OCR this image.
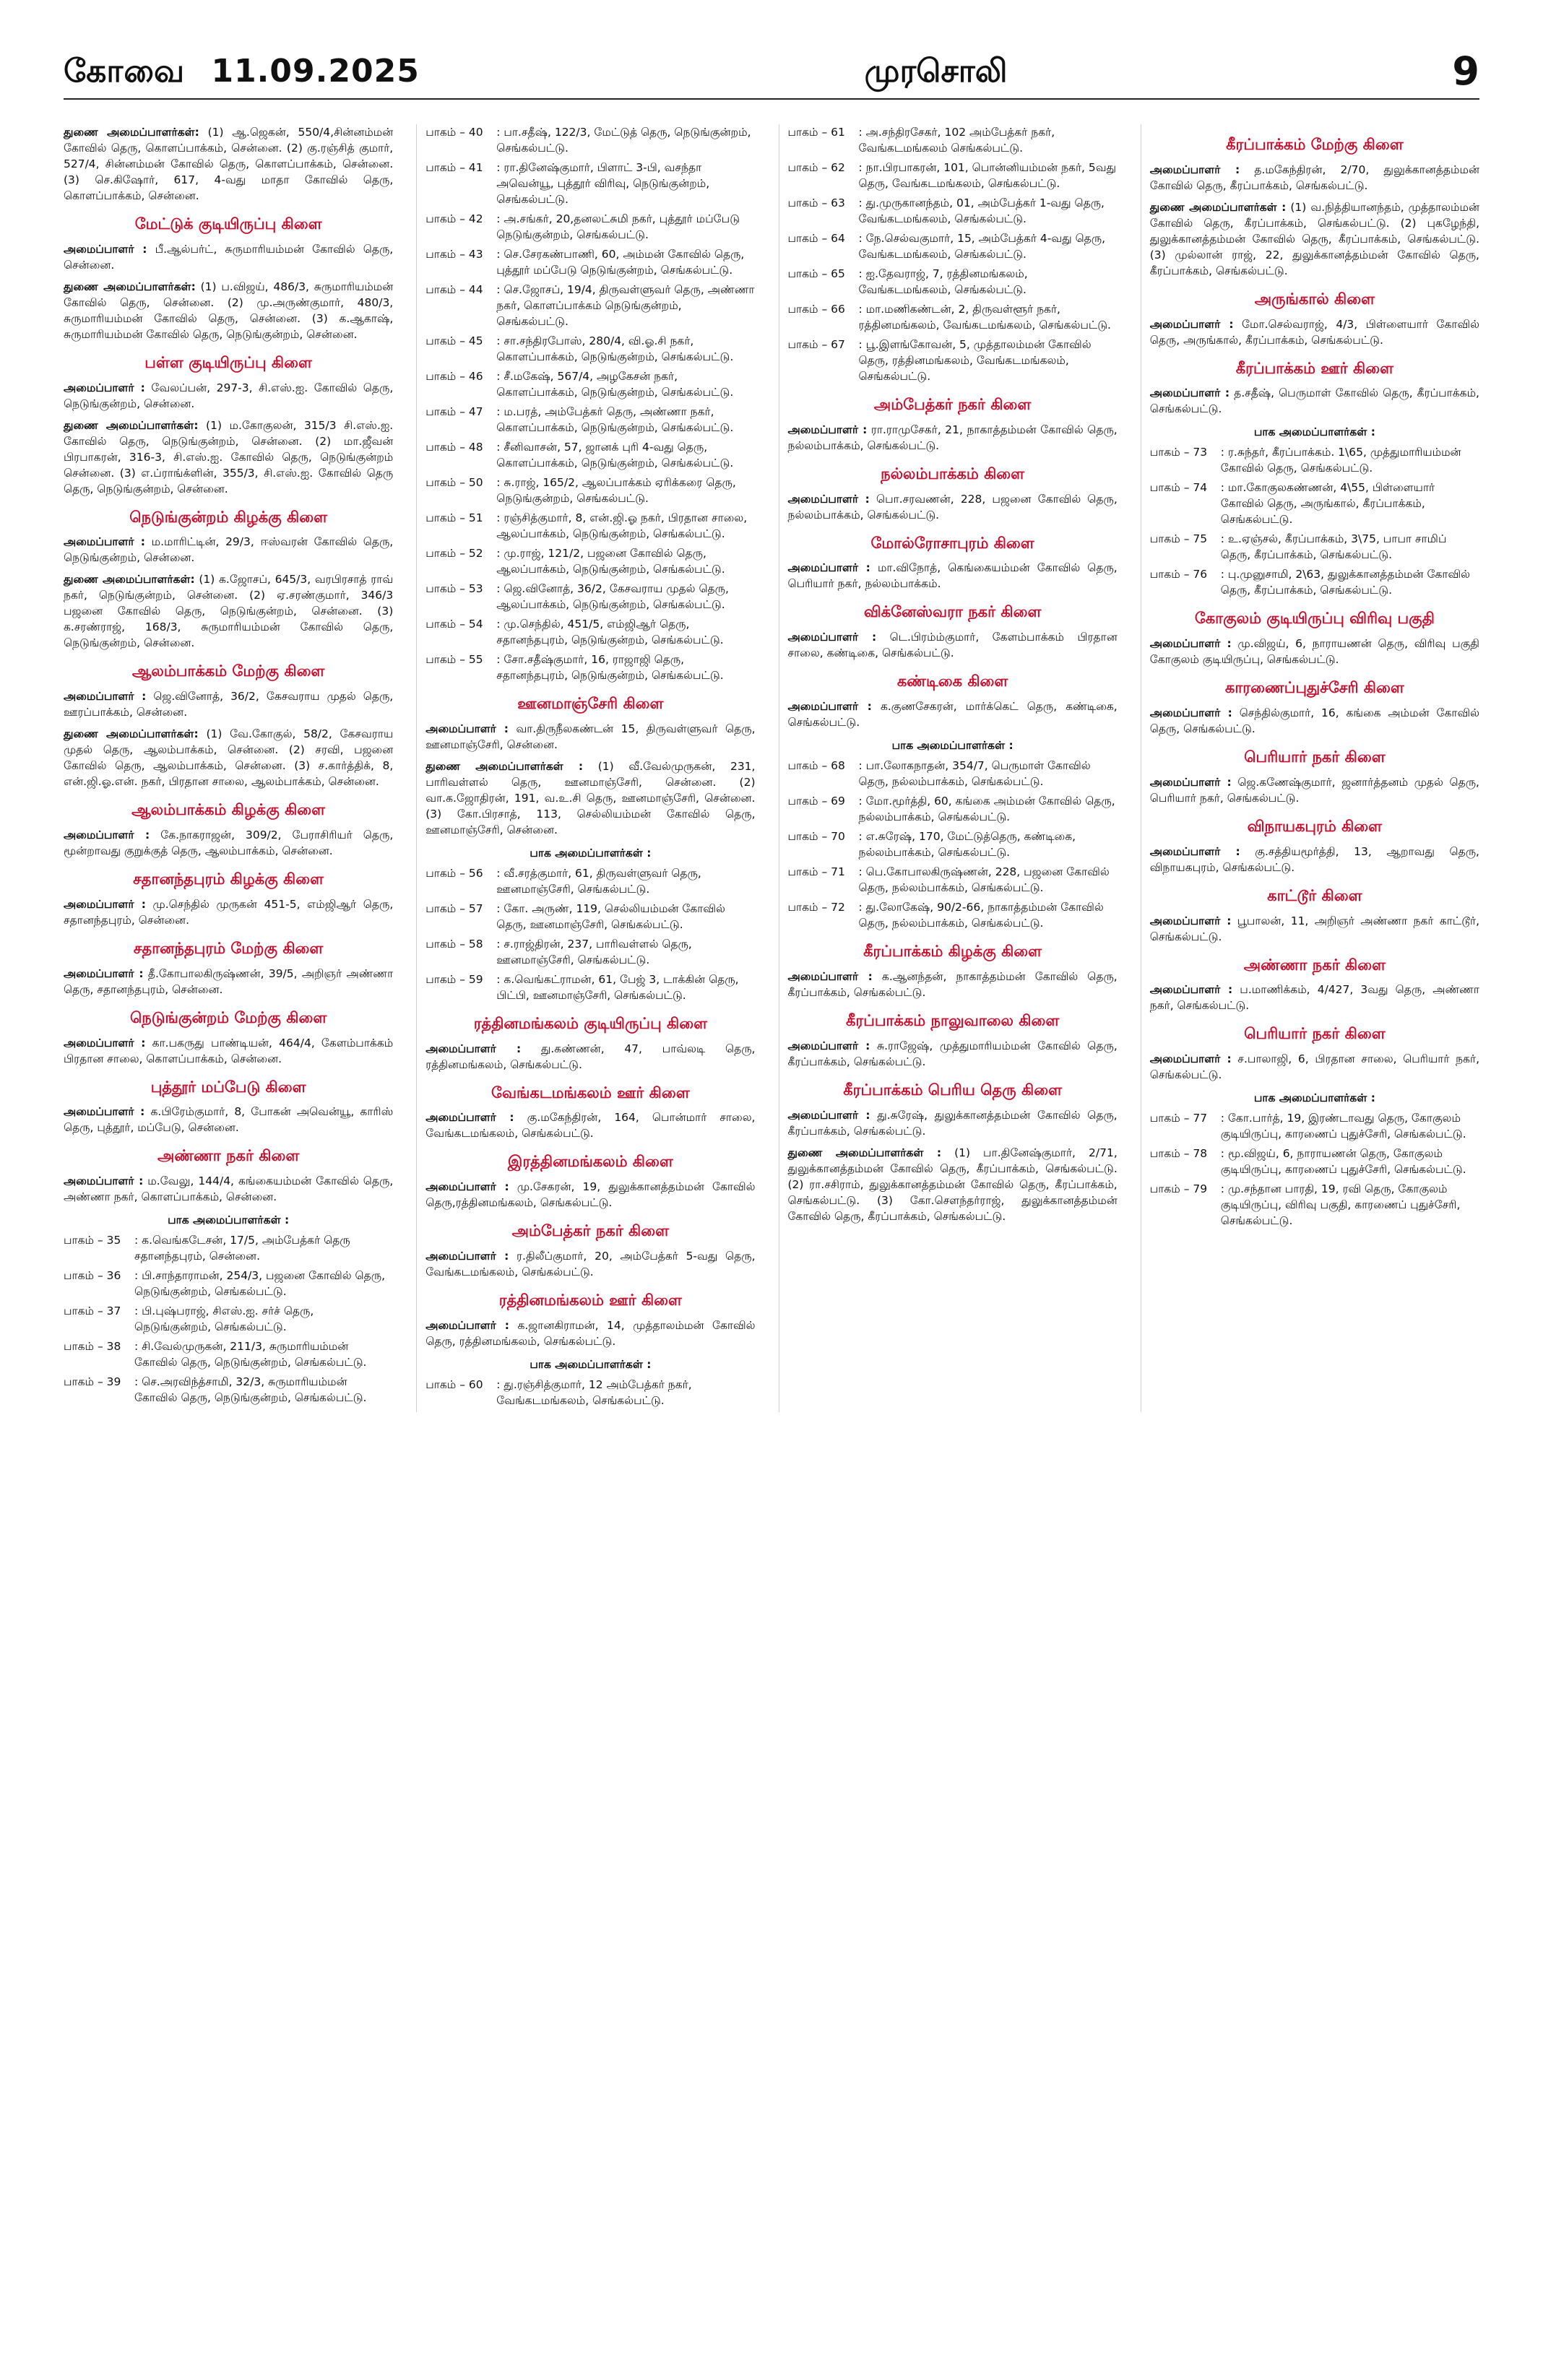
கோவை 11.09.2025	முரசொலி	9

துணை அமைப்பாளர்கள்: (1) ஆ.ஜெகன், 550/4,சின்னம்மன் கோவில் தெரு, கொளப்பாக்கம், சென்னை. (2) கு.ரஞ்சித் குமார், 527/4, சின்னம்மன் கோவில் தெரு, கொளப்பாக்கம், சென்னை. (3) செ.கிஷோர், 617, 4-வது மாதா கோவில் தெரு, கொளப்பாக்கம், சென்னை.

மேட்டுக் குடியிருப்பு கிளை

அமைப்பாளர் : பீ.ஆல்பர்ட், சுருமாரியம்மன் கோவில் தெரு, சென்னை.

துணை அமைப்பாளர்கள்: (1) ப.விஜய், 486/3, சுருமாரியம்மன் கோவில் தெரு, சென்னை. (2) மு.அருண்குமார், 480/3, சுருமாரியம்மன் கோவில் தெரு, சென்னை. (3) க.ஆகாஷ், சுருமாரியம்மன் கோவில் தெரு, நெடுங்குன்றம், சென்னை.

பள்ள குடியிருப்பு கிளை

அமைப்பாளர் : வேலப்பன், 297-3, சி.எஸ்.ஐ. கோவில் தெரு, நெடுங்குன்றம், சென்னை.

துணை அமைப்பாளர்கள்: (1) ம.கோகுலன், 315/3 சி.எஸ்.ஐ. கோவில் தெரு, நெடுங்குன்றம், சென்னை. (2) மா.ஜீவன் பிரபாகரன், 316-3, சி.எஸ்.ஐ. கோவில் தெரு, நெடுங்குன்றம் சென்னை. (3) எ.ப்ராங்க்ளின், 355/3, சி.எஸ்.ஐ. கோவில் தெரு தெரு, நெடுங்குன்றம், சென்னை.

நெடுங்குன்றம் கிழக்கு கிளை

அமைப்பாளர் : ம.மாரிட்டின், 29/3, ஈஸ்வரன் கோவில் தெரு, நெடுங்குன்றம், சென்னை.

துணை அமைப்பாளர்கள்: (1) க.ஜோசப், 645/3, வரபிரசாத் ராவ் நகர், நெடுங்குன்றம், சென்னை. (2) ஏ.சரண்குமார், 346/3 பஜனை கோவில் தெரு, நெடுங்குன்றம், சென்னை. (3) க.சரண்ராஜ், 168/3, சுருமாரியம்மன் கோவில் தெரு, நெடுங்குன்றம், சென்னை.

ஆலம்பாக்கம் மேற்கு கிளை

அமைப்பாளர் : ஜெ.வினோத், 36/2, கேசவராய முதல் தெரு, ஊரப்பாக்கம், சென்னை.

துணை அமைப்பாளர்கள்: (1) வே.கோகுல், 58/2, கேசவராய முதல் தெரு, ஆலம்பாக்கம், சென்னை. (2) சரவி, பஜனை கோவில் தெரு, ஆலம்பாக்கம், சென்னை. (3) ச.கார்த்திக், 8, என்.ஜி.ஓ.என். நகர், பிரதான சாலை, ஆலம்பாக்கம், சென்னை.

ஆலம்பாக்கம் கிழக்கு கிளை

அமைப்பாளர் : கே.நாகராஜன், 309/2, பேராசிரியர் தெரு, மூன்றாவது குறுக்குத் தெரு, ஆலம்பாக்கம், சென்னை.

சதானந்தபுரம் கிழக்கு கிளை

அமைப்பாளர் : மு.செந்தில் முருகன் 451-5, எம்ஜிஆர் தெரு, சதானந்தபுரம், சென்னை.

சதானந்தபுரம் மேற்கு கிளை

அமைப்பாளர் : தீ.கோபாலகிருஷ்ணன், 39/5, அறிஞர் அண்ணா தெரு, சதானந்தபுரம், சென்னை.

நெடுங்குன்றம் மேற்கு கிளை

அமைப்பாளர் : கா.பகருது பாண்டியன், 464/4, கேளம்பாக்கம் பிரதான சாலை, கொளப்பாக்கம், சென்னை.

புத்தூர் மப்பேடு கிளை

அமைப்பாளர் : க.பிரேம்குமார், 8, போகன் அவென்யூ, காரிஸ் தெரு, புத்தூர், மப்பேடு, சென்னை.

அண்ணா நகர் கிளை

அமைப்பாளர் : ம.வேலு, 144/4, கங்கையம்மன் கோவில் தெரு, அண்ணா நகர், கொளப்பாக்கம், சென்னை.

பாக அமைப்பாளர்கள் :
பாகம் – 35	: க.வெங்கடேசன், 17/5, அம்பேத்கர் தெரு சதானந்தபுரம், சென்னை.
பாகம் – 36	: பி.சாந்தாராமன், 254/3, பஜனை கோவில் தெரு, நெடுங்குன்றம், செங்கல்பட்டு.
பாகம் – 37	: பி.புஷ்பராஜ், சிஎஸ்.ஐ. சர்ச் தெரு, நெடுங்குன்றம், செங்கல்பட்டு.
பாகம் – 38	: சி.வேல்முருகன், 211/3, சுருமாரியம்மன் கோவில் தெரு, நெடுங்குன்றம், செங்கல்பட்டு.
பாகம் – 39	: செ.அரவிந்த்சாமி, 32/3, சுருமாரியம்மன் கோவில் தெரு, நெடுங்குன்றம், செங்கல்பட்டு.
பாகம் – 40	: பா.சதீஷ், 122/3, மேட்டுத் தெரு, நெடுங்குன்றம், செங்கல்பட்டு.
பாகம் – 41	: ரா.தினேஷ்குமார், பிளாட் 3-பி, வசந்தா அவென்யூ, புத்தூர் விரிவு, நெடுங்குன்றம், செங்கல்பட்டு.
பாகம் – 42	: அ.சங்கர், 20,தனலட்சுமி நகர், புத்தூர் மப்பேடு நெடுங்குன்றம், செங்கல்பட்டு.
பாகம் – 43	: செ.சேரகண்பாணி, 60, அம்மன் கோவில் தெரு, புத்தூர் மப்பேடு நெடுங்குன்றம், செங்கல்பட்டு.
பாகம் – 44	: செ.ஜோசப், 19/4, திருவள்ளுவர் தெரு, அண்ணா நகர், கொளப்பாக்கம் நெடுங்குன்றம், செங்கல்பட்டு.
பாகம் – 45	: சா.சந்திரபோஸ், 280/4, வி.ஓ.சி நகர், கொளப்பாக்கம், நெடுங்குன்றம், செங்கல்பட்டு.
பாகம் – 46	: சீ.மகேஷ், 567/4, அழகேசன் நகர், கொளப்பாக்கம், நெடுங்குன்றம், செங்கல்பட்டு.
பாகம் – 47	: ம.பரத், அம்பேத்கர் தெரு, அண்ணா நகர், கொளப்பாக்கம், நெடுங்குன்றம், செங்கல்பட்டு.
பாகம் – 48	: சீனிவாசன், 57, ஜானக் புரி 4-வது தெரு, கொளப்பாக்கம், நெடுங்குன்றம், செங்கல்பட்டு.
பாகம் – 50	: சு.ராஜ், 165/2, ஆலப்பாக்கம் ஏரிக்கரை தெரு, நெடுங்குன்றம், செங்கல்பட்டு.
பாகம் – 51	: ரஞ்சித்குமார், 8, என்.ஜி.ஓ நகர், பிரதான சாலை, ஆலப்பாக்கம், நெடுங்குன்றம், செங்கல்பட்டு.
பாகம் – 52	: மு.ராஜ், 121/2, பஜனை கோவில் தெரு, ஆலப்பாக்கம், நெடுங்குன்றம், செங்கல்பட்டு.
பாகம் – 53	: ஜெ.வினோத், 36/2, கேசவராய முதல் தெரு, ஆலப்பாக்கம், நெடுங்குன்றம், செங்கல்பட்டு.
பாகம் – 54	: மு.செந்தில், 451/5, எம்ஜிஆர் தெரு, சதானந்தபுரம், நெடுங்குன்றம், செங்கல்பட்டு.
பாகம் – 55	: சோ.சதீஷ்குமார், 16, ராஜாஜி தெரு, சதானந்தபுரம், நெடுங்குன்றம், செங்கல்பட்டு.
ஊனமாஞ்சேரி கிளை

அமைப்பாளர் : வா.திருநீலகண்டன் 15, திருவள்ளுவர் தெரு, ஊனமாஞ்சேரி, சென்னை.

துணை அமைப்பாளர்கள் : (1) வீ.வேல்முருகன், 231, பாரிவள்ளல் தெரு, ஊனமாஞ்சேரி, சென்னை. (2) வா.க.ஜோதிரன், 191, வ.உ.சி தெரு, ஊனமாஞ்சேரி, சென்னை. (3) கோ.பிரசாத், 113, செல்லியம்மன் கோவில் தெரு, ஊனமாஞ்சேரி, சென்னை.

பாக அமைப்பாளர்கள் :
பாகம் – 56	: வீ.சரத்குமார், 61, திருவள்ளுவர் தெரு, ஊனமாஞ்சேரி, செங்கல்பட்டு.
பாகம் – 57	: கோ. அருண், 119, செல்லியம்மன் கோவில் தெரு, ஊனமாஞ்சேரி, செங்கல்பட்டு.
பாகம் – 58	: ச.ராஜ்திரன், 237, பாரிவள்ளல் தெரு, ஊனமாஞ்சேரி, செங்கல்பட்டு.
பாகம் – 59	: க.வெங்கட்ராமன், 61, பேஜ் 3, டாக்கின் தெரு, பிட்பி, ஊனமாஞ்சேரி, செங்கல்பட்டு.
ரத்தினமங்கலம் குடியிருப்பு கிளை

அமைப்பாளர் : து.கண்ணன், 47, பாவ்லடி தெரு, ரத்தினமங்கலம், செங்கல்பட்டு.

வேங்கடமங்கலம் ஊர் கிளை

அமைப்பாளர் : கு.மகேந்திரன், 164, பொன்மார் சாலை, வேங்கடமங்கலம், செங்கல்பட்டு.

இரத்தினமங்கலம் கிளை

அமைப்பாளர் : மு.சேகரன், 19, துலுக்கானத்தம்மன் கோவில் தெரு,ரத்தினமங்கலம், செங்கல்பட்டு.

அம்பேத்கர் நகர் கிளை

அமைப்பாளர் : ர.திலீப்குமார், 20, அம்பேத்கர் 5-வது தெரு, வேங்கடமங்கலம், செங்கல்பட்டு.

ரத்தினமங்கலம் ஊர் கிளை

அமைப்பாளர் : க.ஜானகிராமன், 14, முத்தாலம்மன் கோவில் தெரு, ரத்தினமங்கலம், செங்கல்பட்டு.

பாக அமைப்பாளர்கள் :
பாகம் – 60	: து.ரஞ்சித்குமார், 12 அம்பேத்கர் நகர், வேங்கடமங்கலம், செங்கல்பட்டு.
பாகம் – 61	: அ.சந்திரசேகர், 102 அம்பேத்கர் நகர், வேங்கடமங்கலம் செங்கல்பட்டு.
பாகம் – 62	: நா.பிரபாகரன், 101, பொன்னியம்மன் நகர், 5வது தெரு, வேங்கடமங்கலம், செங்கல்பட்டு.
பாகம் – 63	: து.முருகானந்தம், 01, அம்பேத்கர் 1-வது தெரு, வேங்கடமங்கலம், செங்கல்பட்டு.
பாகம் – 64	: நே.செல்வகுமார், 15, அம்பேத்கர் 4-வது தெரு, வேங்கடமங்கலம், செங்கல்பட்டு.
பாகம் – 65	: ஐ.தேவராஜ், 7, ரத்தினமங்கலம், வேங்கடமங்கலம், செங்கல்பட்டு.
பாகம் – 66	: மா.மணிகண்டன், 2, திருவள்ளூர் நகர், ரத்தினமங்கலம், வேங்கடமங்கலம், செங்கல்பட்டு.
பாகம் – 67	: பூ.இளங்கோவன், 5, முத்தாலம்மன் கோவில் தெரு, ரத்தினமங்கலம், வேங்கடமங்கலம், செங்கல்பட்டு.
அம்பேத்கர் நகர் கிளை

அமைப்பாளர் : ரா.ராமுசேகர், 21, நாகாத்தம்மன் கோவில் தெரு, நல்லம்பாக்கம், செங்கல்பட்டு.

நல்லம்பாக்கம் கிளை

அமைப்பாளர் : பொ.சரவணன், 228, பஜனை கோவில் தெரு, நல்லம்பாக்கம், செங்கல்பட்டு.

மோல்ரோசாபுரம் கிளை

அமைப்பாளர் : மா.விநோத், கெங்கையம்மன் கோவில் தெரு, பெரியார் நகர், நல்லம்பாக்கம்.

விக்னேஸ்வரா நகர் கிளை

அமைப்பாளர் : டெ.பிரம்ம்குமார், கேளம்பாக்கம் பிரதான சாலை, கண்டிகை, செங்கல்பட்டு.

கண்டிகை கிளை

அமைப்பாளர் : க.குணசேகரன், மார்க்கெட் தெரு, கண்டிகை, செங்கல்பட்டு.

பாக அமைப்பாளர்கள் :
பாகம் – 68	: பா.லோகநாதன், 354/7, பெருமாள் கோவில் தெரு, நல்லம்பாக்கம், செங்கல்பட்டு.
பாகம் – 69	: மோ.மூர்த்தி, 60, கங்கை அம்மன் கோவில் தெரு, நல்லம்பாக்கம், செங்கல்பட்டு.
பாகம் – 70	: எ.சுரேஷ், 170, மேட்டுத்தெரு, கண்டிகை, நல்லம்பாக்கம், செங்கல்பட்டு.
பாகம் – 71	: பெ.கோபாலகிருஷ்ணன், 228, பஜனை கோவில் தெரு, நல்லம்பாக்கம், செங்கல்பட்டு.
பாகம் – 72	: து.லோகேஷ், 90/2-66, நாகாத்தம்மன் கோவில் தெரு, நல்லம்பாக்கம், செங்கல்பட்டு.
கீரப்பாக்கம் கிழக்கு கிளை

அமைப்பாளர் : க.ஆனந்தன், நாகாத்தம்மன் கோவில் தெரு, கீரப்பாக்கம், செங்கல்பட்டு.

கீரப்பாக்கம் நாலுவாலை கிளை

அமைப்பாளர் : சு.ராஜேஷ், முத்துமாரியம்மன் கோவில் தெரு, கீரப்பாக்கம், செங்கல்பட்டு.

கீரப்பாக்கம் பெரிய தெரு கிளை

அமைப்பாளர் : து.சுரேஷ், துலுக்கானத்தம்மன் கோவில் தெரு, கீரப்பாக்கம், செங்கல்பட்டு.

துணை அமைப்பாளர்கள் : (1) பா.தினேஷ்குமார், 2/71, துலுக்கானத்தம்மன் கோவில் தெரு, கீரப்பாக்கம், செங்கல்பட்டு. (2) ரா.சசிராம், துலுக்கானத்தம்மன் கோவில் தெரு, கீரப்பாக்கம், செங்கல்பட்டு. (3) கோ.சௌந்தர்ராஜ், துலுக்கானத்தம்மன் கோவில் தெரு, கீரப்பாக்கம், செங்கல்பட்டு.

கீரப்பாக்கம் மேற்கு கிளை

அமைப்பாளர் : த.மகேந்திரன், 2/70, துலுக்கானத்தம்மன் கோவில் தெரு, கீரப்பாக்கம், செங்கல்பட்டு.

துணை அமைப்பாளர்கள் : (1) வ.நித்தியானந்தம், முத்தாலம்மன் கோவில் தெரு, கீரப்பாக்கம், செங்கல்பட்டு. (2) புகழேந்தி, துலுக்கானத்தம்மன் கோவில் தெரு, கீரப்பாக்கம், செங்கல்பட்டு. (3) முல்லான் ராஜ், 22, துலுக்கானத்தம்மன் கோவில் தெரு, கீரப்பாக்கம், செங்கல்பட்டு.

அருங்கால் கிளை

அமைப்பாளர் : மோ.செல்வராஜ், 4/3, பிள்ளையார் கோவில் தெரு, அருங்கால், கீரப்பாக்கம், செங்கல்பட்டு.

கீரப்பாக்கம் ஊர் கிளை

அமைப்பாளர் : த.சதீஷ், பெருமாள் கோவில் தெரு, கீரப்பாக்கம், செங்கல்பட்டு.

பாக அமைப்பாளர்கள் :
பாகம் – 73	: ர.சுந்தர், கீரப்பாக்கம். 1\65, முத்துமாரியம்மன் கோவில் தெரு, செங்கல்பட்டு.
பாகம் – 74	: மா.கோகுலகண்ணன், 4\55, பிள்ளையார் கோவில் தெரு, அருங்கால், கீரப்பாக்கம், செங்கல்பட்டு.
பாகம் – 75	: உ.ஏஞ்சல், கீரப்பாக்கம், 3\75, பாபா சாமிப் தெரு, கீரப்பாக்கம், செங்கல்பட்டு.
பாகம் – 76	: பு.முனுசாமி, 2\63, துலுக்கானத்தம்மன் கோவில் தெரு, கீரப்பாக்கம், செங்கல்பட்டு.
கோகுலம் குடியிருப்பு விரிவு பகுதி

அமைப்பாளர் : மு.விஜய், 6, நாராயணன் தெரு, விரிவு பகுதி கோகுலம் குடியிருப்பு, செங்கல்பட்டு.

காரணைப்புதுச்சேரி கிளை

அமைப்பாளர் : செந்தில்குமார், 16, கங்கை அம்மன் கோவில் தெரு, செங்கல்பட்டு.

பெரியார் நகர் கிளை

அமைப்பாளர் : ஜெ.கணேஷ்குமார், ஜனார்த்தனம் முதல் தெரு, பெரியார் நகர், செங்கல்பட்டு.

விநாயகபுரம் கிளை

அமைப்பாளர் : கு.சத்தியமூர்த்தி, 13, ஆறாவது தெரு, விநாயகபுரம், செங்கல்பட்டு.

காட்டூர் கிளை

அமைப்பாளர் : பூபாலன், 11, அறிஞர் அண்ணா நகர் காட்டூர், செங்கல்பட்டு.

அண்ணா நகர் கிளை

அமைப்பாளர் : ப.மாணிக்கம், 4/427, 3வது தெரு, அண்ணா நகர், செங்கல்பட்டு.

பெரியார் நகர் கிளை

அமைப்பாளர் : ச.பாலாஜி, 6, பிரதான சாலை, பெரியார் நகர், செங்கல்பட்டு.

பாக அமைப்பாளர்கள் :
பாகம் – 77	: கோ.பார்த், 19, இரண்டாவது தெரு, கோகுலம் குடியிருப்பு, காரணைப் புதுச்சேரி, செங்கல்பட்டு.
பாகம் – 78	: மூ.விஜய், 6, நாராயணன் தெரு, கோகுலம் குடியிருப்பு, காரணைப் புதுச்சேரி, செங்கல்பட்டு.
பாகம் – 79	: மு.சந்தான பாரதி, 19, ரவி தெரு, கோகுலம் குடியிருப்பு, விரிவு பகுதி, காரணைப் புதுச்சேரி, செங்கல்பட்டு.
